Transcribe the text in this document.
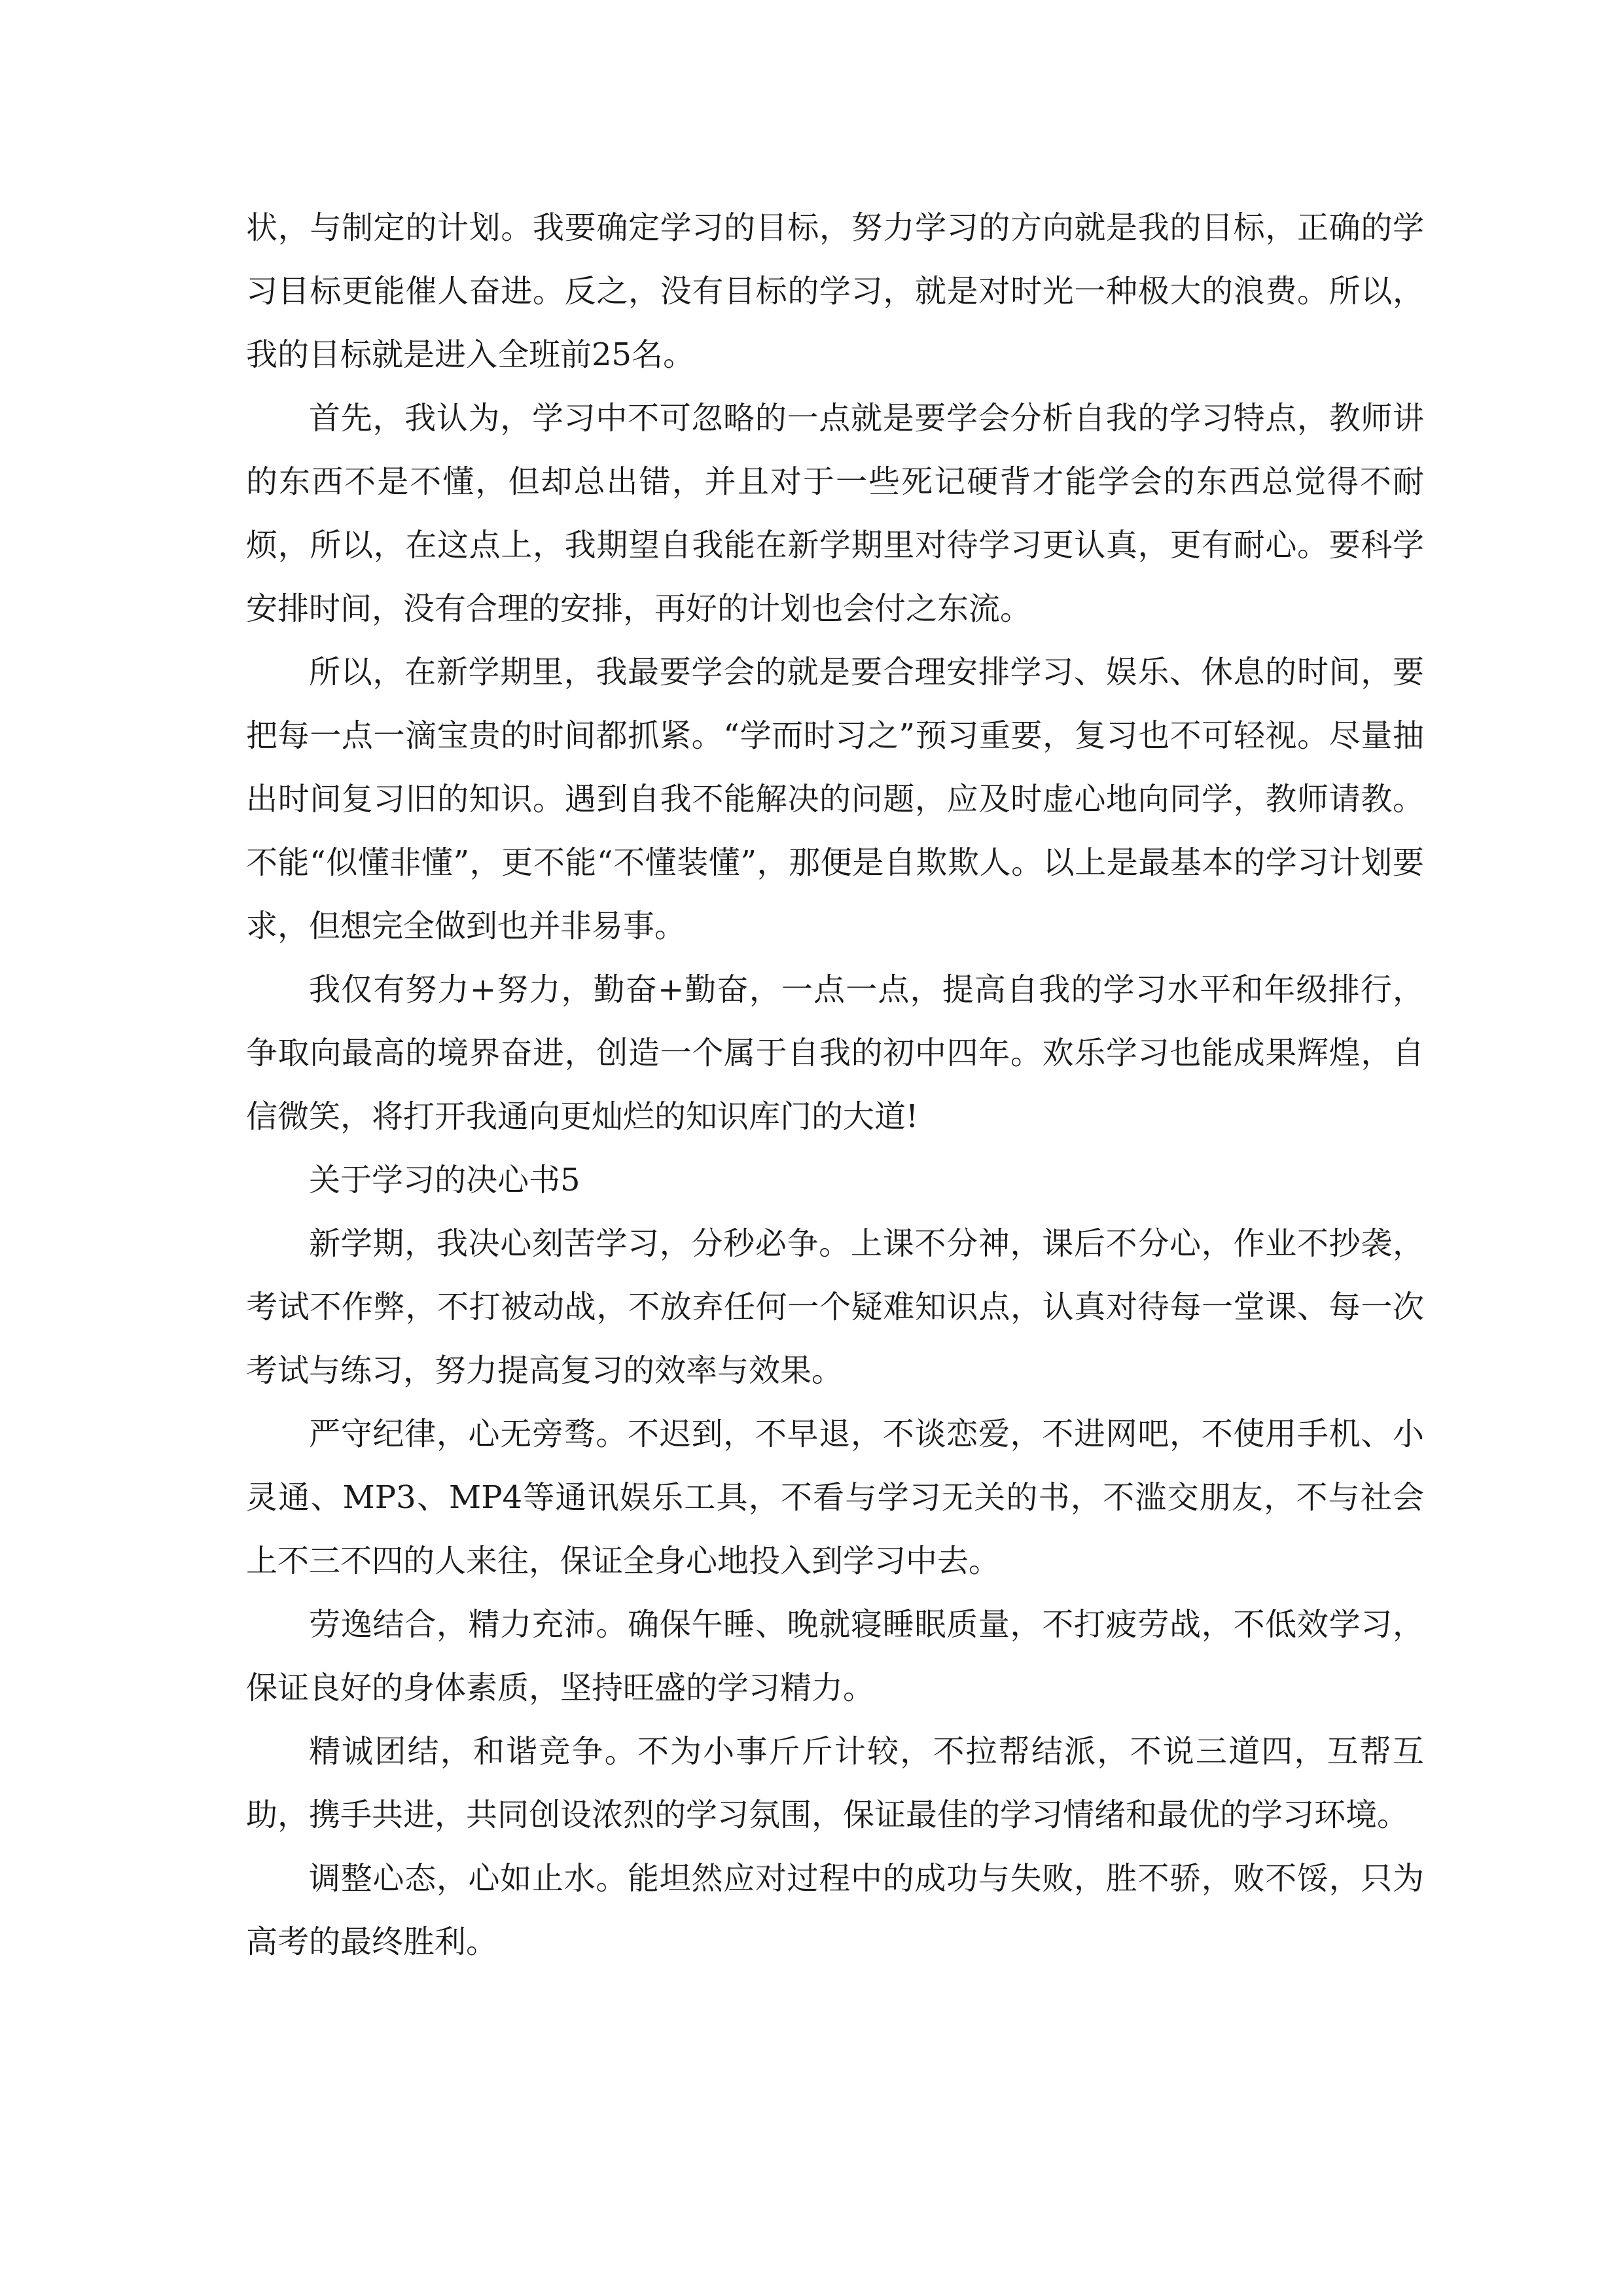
状，与制定的计划。我要确定学习的目标，努力学习的方向就是我的目标，正确的学习目标更能催人奋进。反之，没有目标的学习，就是对时光一种极大的浪费。所以，我的目标就是进入全班前25名。

首先，我认为，学习中不可忽略的一点就是要学会分析自我的学习特点，教师讲的东西不是不懂，但却总出错，并且对于一些死记硬背才能学会的东西总觉得不耐烦，所以，在这点上，我期望自我能在新学期里对待学习更认真，更有耐心。要科学安排时间，没有合理的安排，再好的计划也会付之东流。

所以，在新学期里，我最要学会的就是要合理安排学习、娱乐、休息的时间，要把每一点一滴宝贵的时间都抓紧。“学而时习之”预习重要，复习也不可轻视。尽量抽出时间复习旧的知识。遇到自我不能解决的问题，应及时虚心地向同学，教师请教。不能“似懂非懂”，更不能“不懂装懂”，那便是自欺欺人。以上是最基本的学习计划要求，但想完全做到也并非易事。

我仅有努力+努力，勤奋+勤奋，一点一点，提高自我的学习水平和年级排行，争取向最高的境界奋进，创造一个属于自我的初中四年。欢乐学习也能成果辉煌，自信微笑，将打开我通向更灿烂的知识库门的大道!

关于学习的决心书5

新学期，我决心刻苦学习，分秒必争。上课不分神，课后不分心，作业不抄袭，考试不作弊，不打被动战，不放弃任何一个疑难知识点，认真对待每一堂课、每一次考试与练习，努力提高复习的效率与效果。

严守纪律，心无旁骛。不迟到，不早退，不谈恋爱，不进网吧，不使用手机、小灵通、MP3、MP4等通讯娱乐工具，不看与学习无关的书，不滥交朋友，不与社会上不三不四的人来往，保证全身心地投入到学习中去。

劳逸结合，精力充沛。确保午睡、晚就寝睡眠质量，不打疲劳战，不低效学习，保证良好的身体素质，坚持旺盛的学习精力。

精诚团结，和谐竞争。不为小事斤斤计较，不拉帮结派，不说三道四，互帮互助，携手共进，共同创设浓烈的学习氛围，保证最佳的学习情绪和最优的学习环境。

调整心态，心如止水。能坦然应对过程中的成功与失败，胜不骄，败不馁，只为高考的最终胜利。
